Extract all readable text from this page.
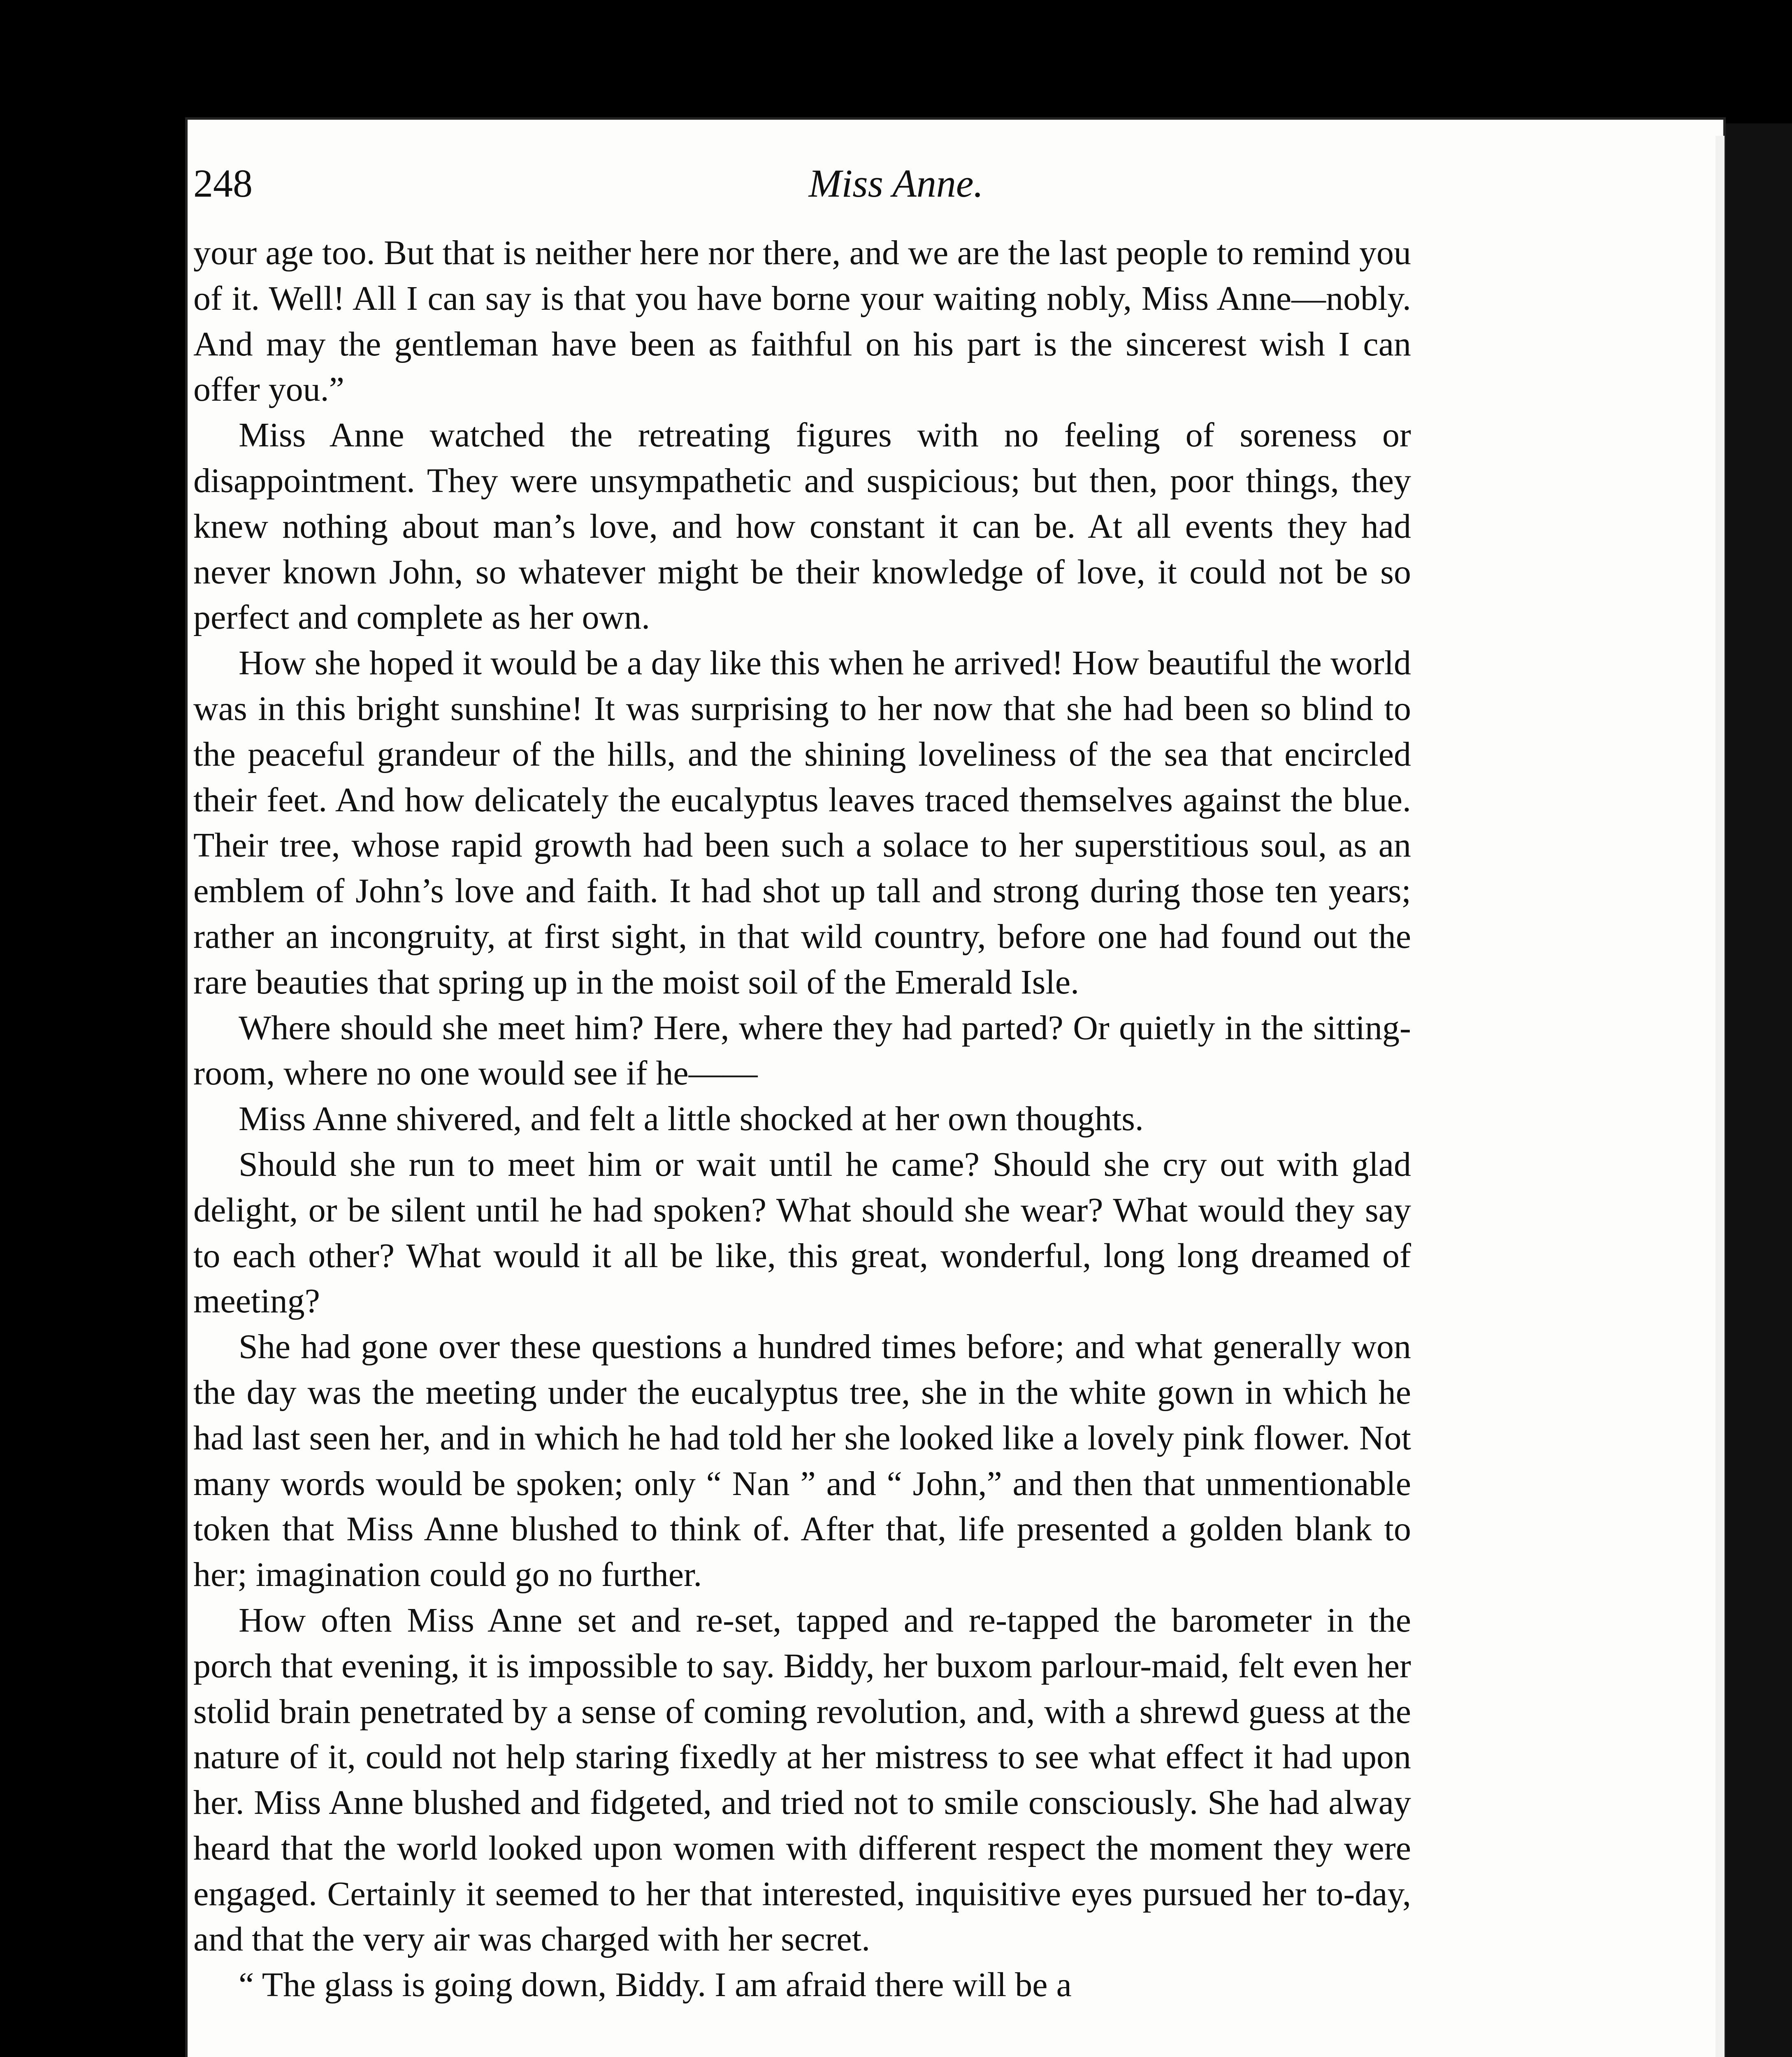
248	Miss Anne.

your age too. But that is neither here nor there, and we are the last people to remind you of it. Well! All I can say is that you have borne your waiting nobly, Miss Anne—nobly. And may the gentleman have been as faithful on his part is the sincerest wish I can offer you.”

Miss Anne watched the retreating figures with no feeling of soreness or disappointment. They were unsympathetic and suspicious; but then, poor things, they knew nothing about man’s love, and how constant it can be. At all events they had never known John, so whatever might be their knowledge of love, it could not be so perfect and complete as her own.

How she hoped it would be a day like this when he arrived! How beautiful the world was in this bright sunshine! It was surprising to her now that she had been so blind to the peaceful grandeur of the hills, and the shining loveliness of the sea that encircled their feet. And how delicately the eucalyptus leaves traced themselves against the blue. Their tree, whose rapid growth had been such a solace to her superstitious soul, as an emblem of John’s love and faith. It had shot up tall and strong during those ten years; rather an incongruity, at first sight, in that wild country, before one had found out the rare beauties that spring up in the moist soil of the Emerald Isle.

Where should she meet him? Here, where they had parted? Or quietly in the sitting-room, where no one would see if he——

Miss Anne shivered, and felt a little shocked at her own thoughts.

Should she run to meet him or wait until he came? Should she cry out with glad delight, or be silent until he had spoken? What should she wear? What would they say to each other? What would it all be like, this great, wonderful, long long dreamed of meeting?

She had gone over these questions a hundred times before; and what generally won the day was the meeting under the eucalyptus tree, she in the white gown in which he had last seen her, and in which he had told her she looked like a lovely pink flower. Not many words would be spoken; only “ Nan ” and “ John,” and then that unmentionable token that Miss Anne blushed to think of. After that, life presented a golden blank to her; imagination could go no further.

How often Miss Anne set and re-set, tapped and re-tapped the barometer in the porch that evening, it is impossible to say. Biddy, her buxom parlour-maid, felt even her stolid brain penetrated by a sense of coming revolution, and, with a shrewd guess at the nature of it, could not help staring fixedly at her mistress to see what effect it had upon her. Miss Anne blushed and fidgeted, and tried not to smile consciously. She had alway heard that the world looked upon women with different respect the moment they were engaged. Certainly it seemed to her that interested, inquisitive eyes pursued her to-day, and that the very air was charged with her secret.

“ The glass is going down, Biddy. I am afraid there will be a
